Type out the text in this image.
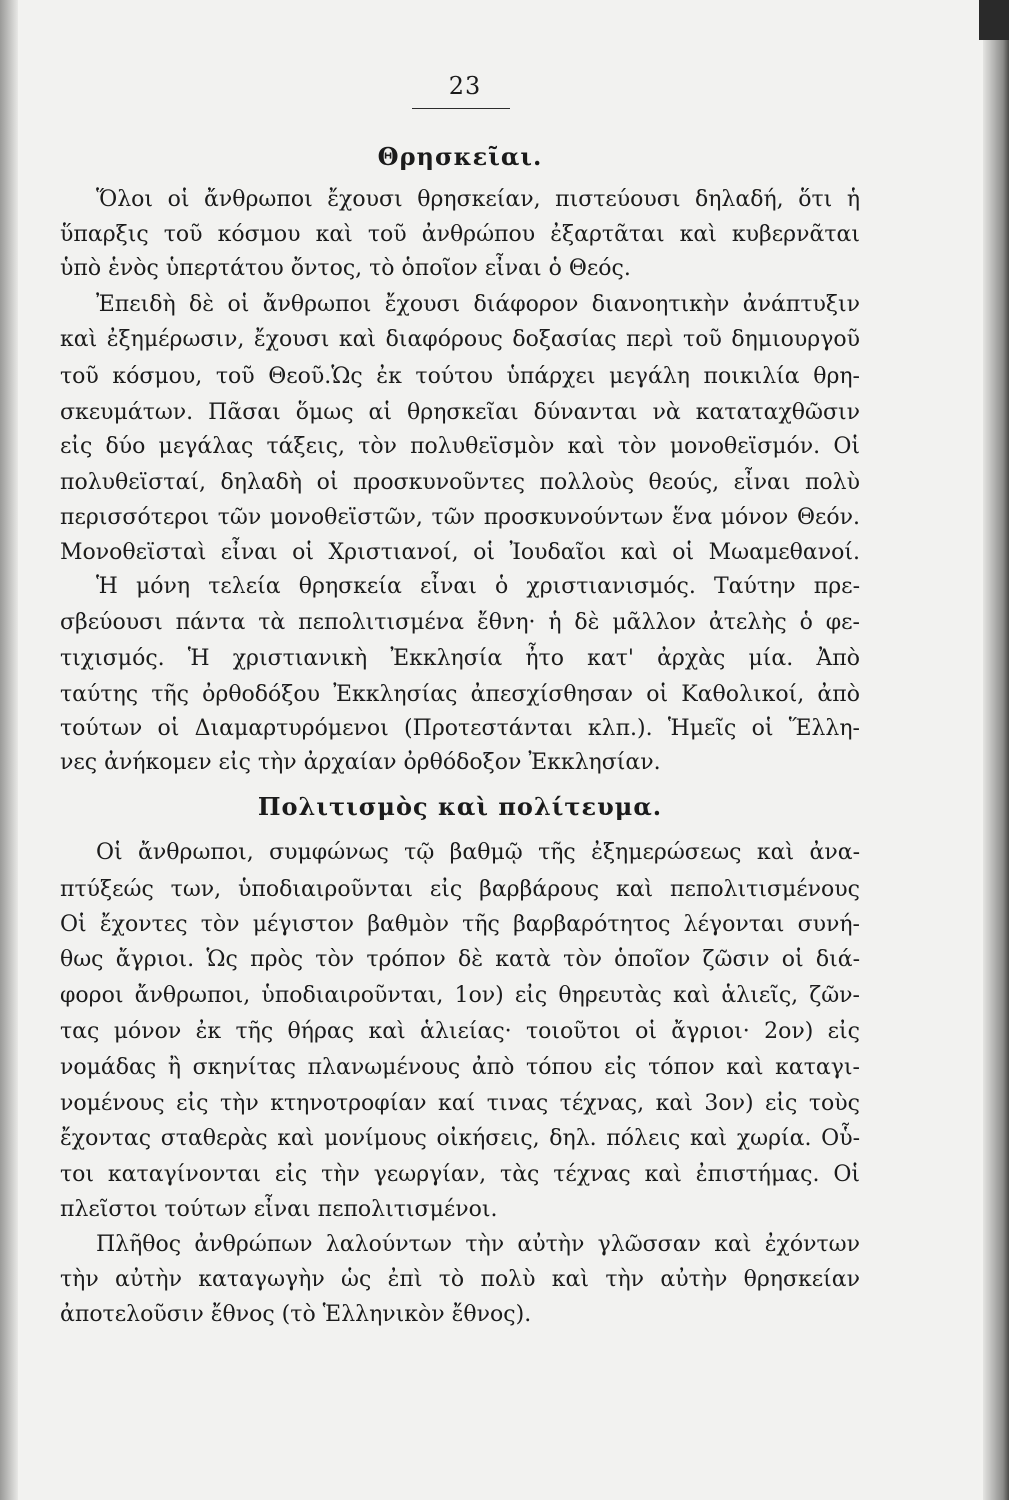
23
Θρησκεῖαι.
Ὅλοι οἱ ἄνθρωποι ἔχουσι θρησκείαν, πιστεύουσι δηλαδή, ὅτι ἡ
ὕπαρξις τοῦ κόσμου καὶ τοῦ ἀνθρώπου ἐξαρτᾶται καὶ κυβερνᾶται
ὑπὸ ἑνὸς ὑπερτάτου ὄντος, τὸ ὁποῖον εἶναι ὁ Θεός.
Ἐπειδὴ δὲ οἱ ἄνθρωποι ἔχουσι διάφορον διανοητικὴν ἀνάπτυξιν
καὶ ἐξημέρωσιν, ἔχουσι καὶ διαφόρους δοξασίας περὶ τοῦ δημιουργοῦ
τοῦ κόσμου, τοῦ Θεοῦ.Ὡς ἐκ τούτου ὑπάρχει μεγάλη ποικιλία θρη-
σκευμάτων. Πᾶσαι ὅμως αἱ θρησκεῖαι δύνανται νὰ καταταχθῶσιν
εἰς δύο μεγάλας τάξεις, τὸν πολυθεϊσμὸν καὶ τὸν μονοθεϊσμόν. Οἱ
πολυθεϊσταί, δηλαδὴ οἱ προσκυνοῦντες πολλοὺς θεούς, εἶναι πολὺ
περισσότεροι τῶν μονοθεϊστῶν, τῶν προσκυνούντων ἕνα μόνον Θεόν.
Μονοθεϊσταὶ εἶναι οἱ Χριστιανοί, οἱ Ἰουδαῖοι καὶ οἱ Μωαμεθανοί.
Ἡ μόνη τελεία θρησκεία εἶναι ὁ χριστιανισμός. Ταύτην πρε-
σβεύουσι πάντα τὰ πεπολιτισμένα ἔθνη· ἡ δὲ μᾶλλον ἀτελὴς ὁ φε-
τιχισμός. Ἡ χριστιανικὴ Ἐκκλησία ἦτο κατ' ἀρχὰς μία. Ἀπὸ
ταύτης τῆς ὀρθοδόξου Ἐκκλησίας ἀπεσχίσθησαν οἱ Καθολικοί, ἀπὸ
τούτων οἱ Διαμαρτυρόμενοι (Προτεστάνται κλπ.). Ἡμεῖς οἱ Ἕλλη-
νες ἀνήκομεν εἰς τὴν ἀρχαίαν ὀρθόδοξον Ἐκκλησίαν.
Πολιτισμὸς καὶ πολίτευμα.
Οἱ ἄνθρωποι, συμφώνως τῷ βαθμῷ τῆς ἐξημερώσεως καὶ ἀνα-
πτύξεώς των, ὑποδιαιροῦνται εἰς βαρβάρους καὶ πεπολιτισμένους
Οἱ ἔχοντες τὸν μέγιστον βαθμὸν τῆς βαρβαρότητος λέγονται συνή-
θως ἄγριοι. Ὡς πρὸς τὸν τρόπον δὲ κατὰ τὸν ὁποῖον ζῶσιν οἱ διά-
φοροι ἄνθρωποι, ὑποδιαιροῦνται, 1ον) εἰς θηρευτὰς καὶ ἁλιεῖς, ζῶν-
τας μόνον ἐκ τῆς θήρας καὶ ἁλιείας· τοιοῦτοι οἱ ἄγριοι· 2ον) εἰς
νομάδας ἢ σκηνίτας πλανωμένους ἀπὸ τόπου εἰς τόπον καὶ καταγι-
νομένους εἰς τὴν κτηνοτροφίαν καί τινας τέχνας, καὶ 3ον) εἰς τοὺς
ἔχοντας σταθερὰς καὶ μονίμους οἰκήσεις, δηλ. πόλεις καὶ χωρία. Οὗ-
τοι καταγίνονται εἰς τὴν γεωργίαν, τὰς τέχνας καὶ ἐπιστήμας. Οἱ
πλεῖστοι τούτων εἶναι πεπολιτισμένοι.
Πλῆθος ἀνθρώπων λαλούντων τὴν αὐτὴν γλῶσσαν καὶ ἐχόντων
τὴν αὐτὴν καταγωγὴν ὡς ἐπὶ τὸ πολὺ καὶ τὴν αὐτὴν θρησκείαν
ἀποτελοῦσιν ἔθνος (τὸ Ἑλληνικὸν ἔθνος).
